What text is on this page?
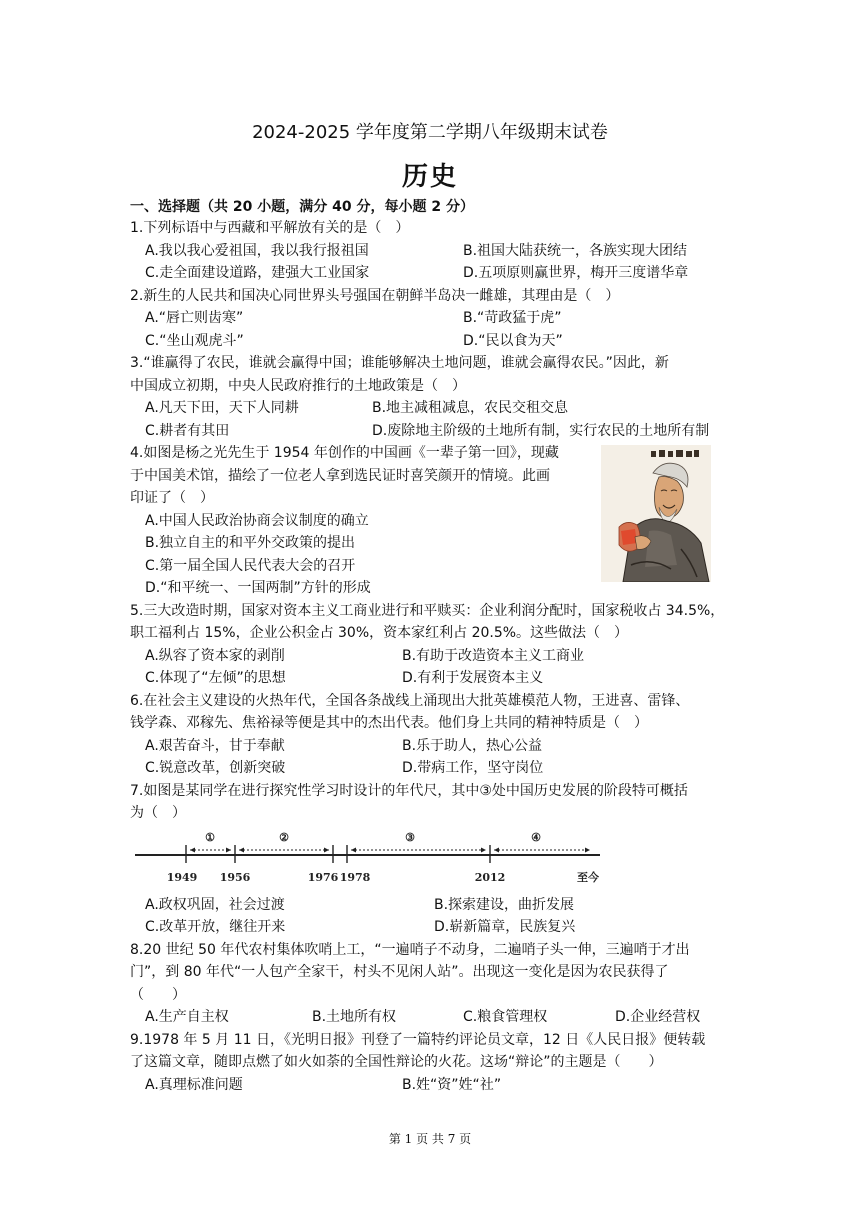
2024-2025 学年度第二学期八年级期末试卷
历史
一、选择题（共 20 小题，满分 40 分，每小题 2 分）
1.下列标语中与西藏和平解放有关的是（　）
A.我以我心爱祖国，我以我行报祖国	B.祖国大陆获统一，各族实现大团结
C.走全面建设道路，建强大工业国家	D.五项原则赢世界，梅开三度谱华章
2.新生的人民共和国决心同世界头号强国在朝鲜半岛决一雌雄，其理由是（　）
A.“唇亡则齿寒”	B.“苛政猛于虎”
C.“坐山观虎斗”	D.“民以食为天”
3.“谁赢得了农民，谁就会赢得中国；谁能够解决土地问题，谁就会赢得农民。”因此，新
中国成立初期，中央人民政府推行的土地政策是（　）
A.凡天下田，天下人同耕	B.地主减租减息，农民交租交息
C.耕者有其田	D.废除地主阶级的土地所有制，实行农民的土地所有制
4.如图是杨之光先生于 1954 年创作的中国画《一辈子第一回》，现藏
于中国美术馆，描绘了一位老人拿到选民证时喜笑颜开的情境。此画
印证了（　）
A.中国人民政治协商会议制度的确立
B.独立自主的和平外交政策的提出
C.第一届全国人民代表大会的召开
D.“和平统一、一国两制”方针的形成
5.三大改造时期，国家对资本主义工商业进行和平赎买：企业利润分配时，国家税收占 34.5%，
职工福利占 15%，企业公积金占 30%，资本家红利占 20.5%。这些做法（　）
A.纵容了资本家的剥削	B.有助于改造资本主义工商业
C.体现了“左倾”的思想	D.有利于发展资本主义
6.在社会主义建设的火热年代，全国各条战线上涌现出大批英雄模范人物，王进喜、雷锋、
钱学森、邓稼先、焦裕禄等便是其中的杰出代表。他们身上共同的精神特质是（　）
A.艰苦奋斗，甘于奉献	B.乐于助人，热心公益
C.锐意改革，创新突破	D.带病工作，坚守岗位
7.如图是某同学在进行探究性学习时设计的年代尺，其中③处中国历史发展的阶段特可概括
为（　）
①	②	③	④
1949 1956	1976 1978	2012	至今
A.政权巩固，社会过渡	B.探索建设，曲折发展
C.改革开放，继往开来	D.崭新篇章，民族复兴
8.20 世纪 50 年代农村集体吹哨上工，“一遍哨子不动身，二遍哨子头一伸，三遍哨于才出
门”，到 80 年代“一人包产全家干，村头不见闲人站”。出现这一变化是因为农民获得了
（　　）
A.生产自主权	B.土地所有权	C.粮食管理权	D.企业经营权
9.1978 年 5 月 11 日，《光明日报》刊登了一篇特约评论员文章，12 日《人民日报》便转载
了这篇文章，随即点燃了如火如荼的全国性辩论的火花。这场“辩论”的主题是（　　）
A.真理标准问题	B.姓“资”姓“社”
第 1 页 共 7 页
